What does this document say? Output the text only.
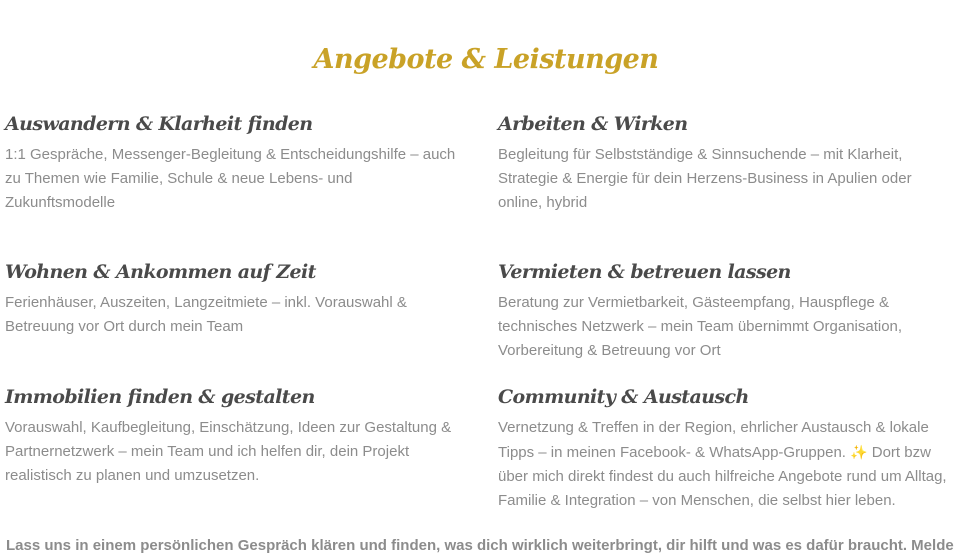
Angebote & Leistungen
Auswandern & Klarheit finden

1:1 Gespräche, Messenger-Begleitung & Entscheidungshilfe – auch zu Themen wie Familie, Schule & neue Lebens- und Zukunftsmodelle

Arbeiten & Wirken

Begleitung für Selbstständige & Sinnsuchende – mit Klarheit, Strategie & Energie für dein Herzens-Business in Apulien oder online, hybrid

Wohnen & Ankommen auf Zeit

Ferienhäuser, Auszeiten, Langzeitmiete – inkl. Vorauswahl & Betreuung vor Ort durch mein Team

Vermieten & betreuen lassen

Beratung zur Vermietbarkeit, Gästeempfang, Hauspflege & technisches Netzwerk – mein Team übernimmt Organisation, Vorbereitung & Betreuung vor Ort

Immobilien finden & gestalten

Vorauswahl, Kaufbegleitung, Einschätzung, Ideen zur Gestaltung & Partnernetzwerk – mein Team und ich helfen dir, dein Projekt realistisch zu planen und umzusetzen.

Community & Austausch

Vernetzung & Treffen in der Region, ehrlicher Austausch & lokale Tipps – in meinen Facebook- & WhatsApp-Gruppen. ✨ Dort bzw über mich direkt findest du auch hilfreiche Angebote rund um Alltag, Familie & Integration – von Menschen, die selbst hier leben.

Lass uns in einem persönlichen Gespräch klären und finden, was dich wirklich weiterbringt, dir hilft und was es dafür braucht. Melde
